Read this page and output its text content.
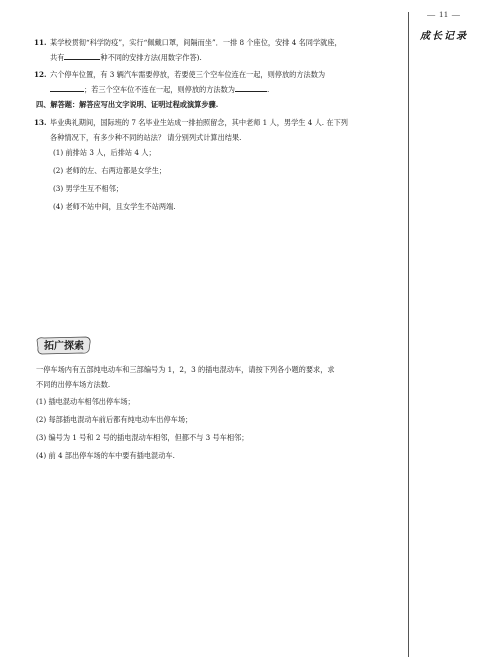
— 11 —
成长记录
11. 某学校贯彻“科学防疫”，实行“佩戴口罩，间隔而坐”．一排 8 个座位，安排 4 名同学就座，
共有	种不同的安排方法(用数字作答).
12. 六个停车位置，有 3 辆汽车需要停放，若要使三个空车位连在一起，则停放的方法数为
；若三个空车位不连在一起，则停放的方法数为	.
四、解答题：解答应写出文字说明、证明过程或演算步骤.
13. 毕业典礼期间，国际班的 7 名毕业生站成一排拍照留念，其中老师 1 人，男学生 4 人. 在下列
各种情况下，有多少种不同的站法？ 请分别列式计算出结果.
(1) 前排站 3 人，后排站 4 人；
(2) 老师的左、右两边都是女学生；
(3) 男学生互不相邻；
(4) 老师不站中间，且女学生不站两端.
拓广探索
一停车场内有五部纯电动车和三部编号为 1，2，3 的插电混动车，请按下列各小题的要求，求
不同的出停车场方法数.
(1) 插电混动车相邻出停车场；
(2) 每部插电混动车前后都有纯电动车出停车场；
(3) 编号为 1 号和 2 号的插电混动车相邻，但都不与 3 号车相邻；
(4) 前 4 部出停车场的车中要有插电混动车.
